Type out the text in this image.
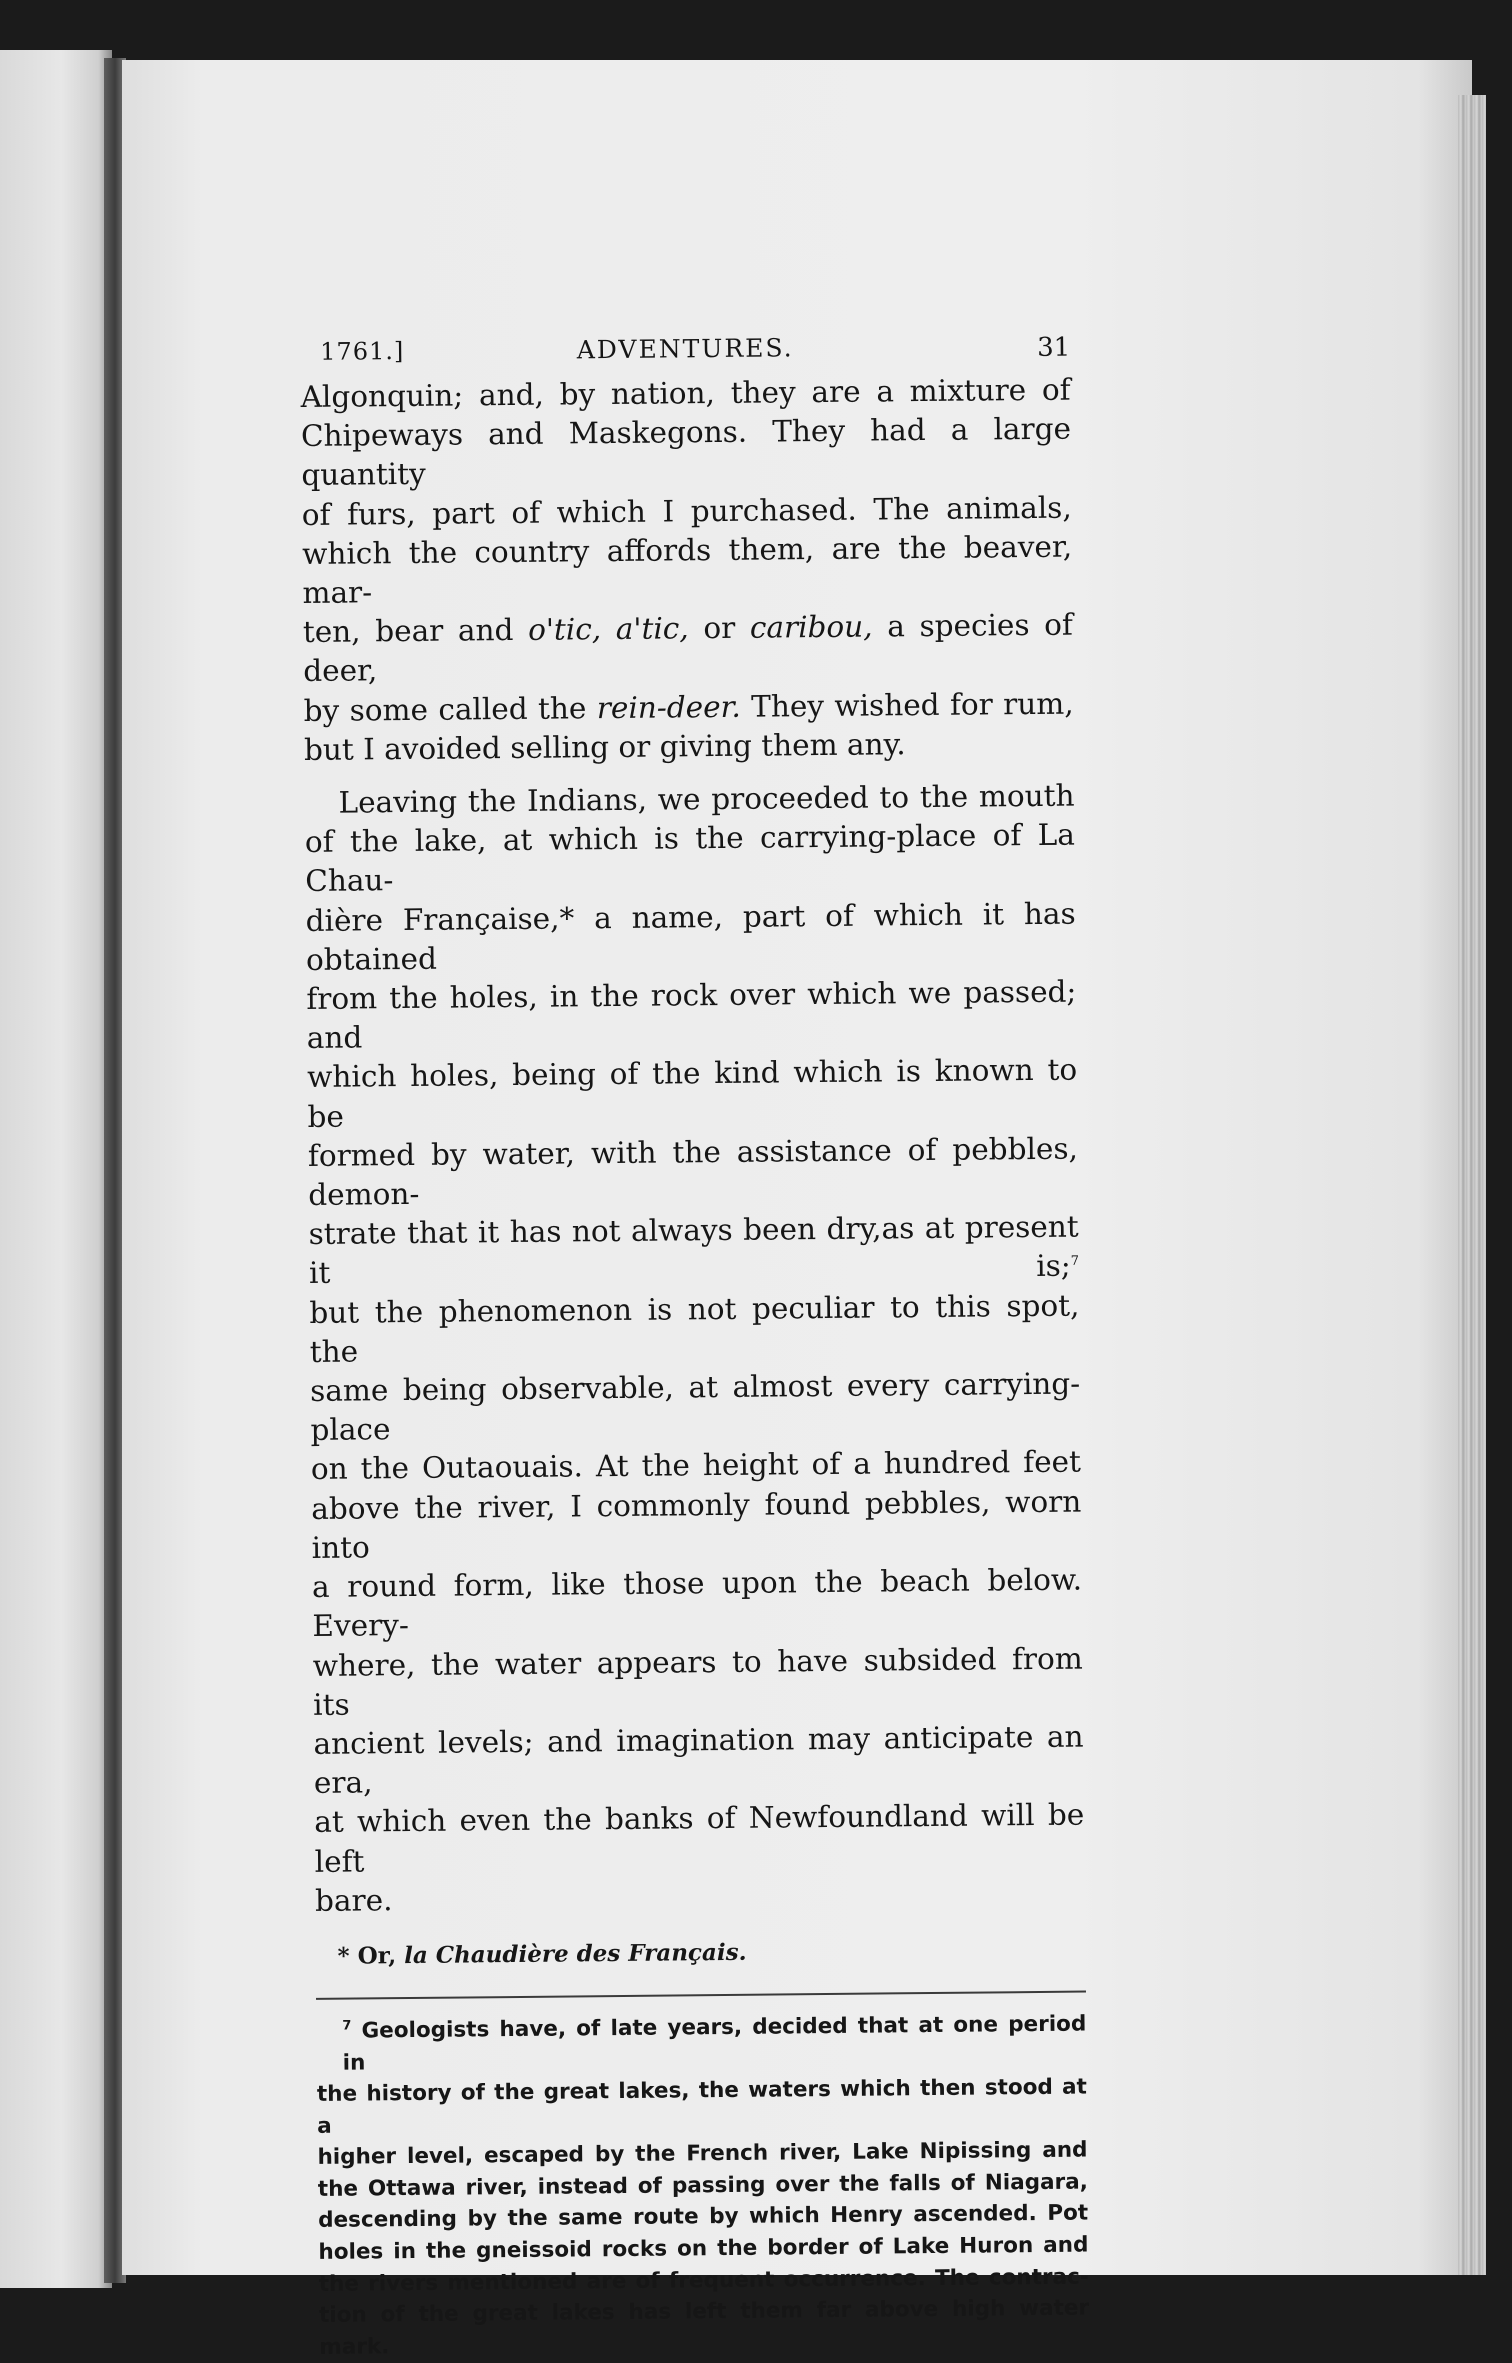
1761.]	ADVENTURES.	31

Algonquin; and, by nation, they are a mixture of
Chipeways and Maskegons. They had a large quantity
of furs, part of which I purchased. The animals,
which the country affords them, are the beaver, mar-
ten, bear and o'tic, a'tic, or caribou, a species of deer,
by some called the rein-deer. They wished for rum,
but I avoided selling or giving them any.

Leaving the Indians, we proceeded to the mouth
of the lake, at which is the carrying-place of La Chau-
dière Française,* a name, part of which it has obtained
from the holes, in the rock over which we passed; and
which holes, being of the kind which is known to be
formed by water, with the assistance of pebbles, demon-
strate that it has not always been dry,as at present it is;$^7$
but the phenomenon is not peculiar to this spot, the
same being observable, at almost every carrying-place
on the Outaouais. At the height of a hundred feet
above the river, I commonly found pebbles, worn into
a round form, like those upon the beach below. Every-
where, the water appears to have subsided from its
ancient levels; and imagination may anticipate an era,
at which even the banks of Newfoundland will be left
bare.

* Or, la Chaudière des Français.
$^7$ Geologists have, of late years, decided that at one period in
the history of the great lakes, the waters which then stood at a
higher level, escaped by the French river, Lake Nipissing and
the Ottawa river, instead of passing over the falls of Niagara,
descending by the same route by which Henry ascended. Pot
holes in the gneissoid rocks on the border of Lake Huron and
the rivers mentioned are of frequent occurrence. The contrac-
tion of the great lakes has left them far above high water mark.
